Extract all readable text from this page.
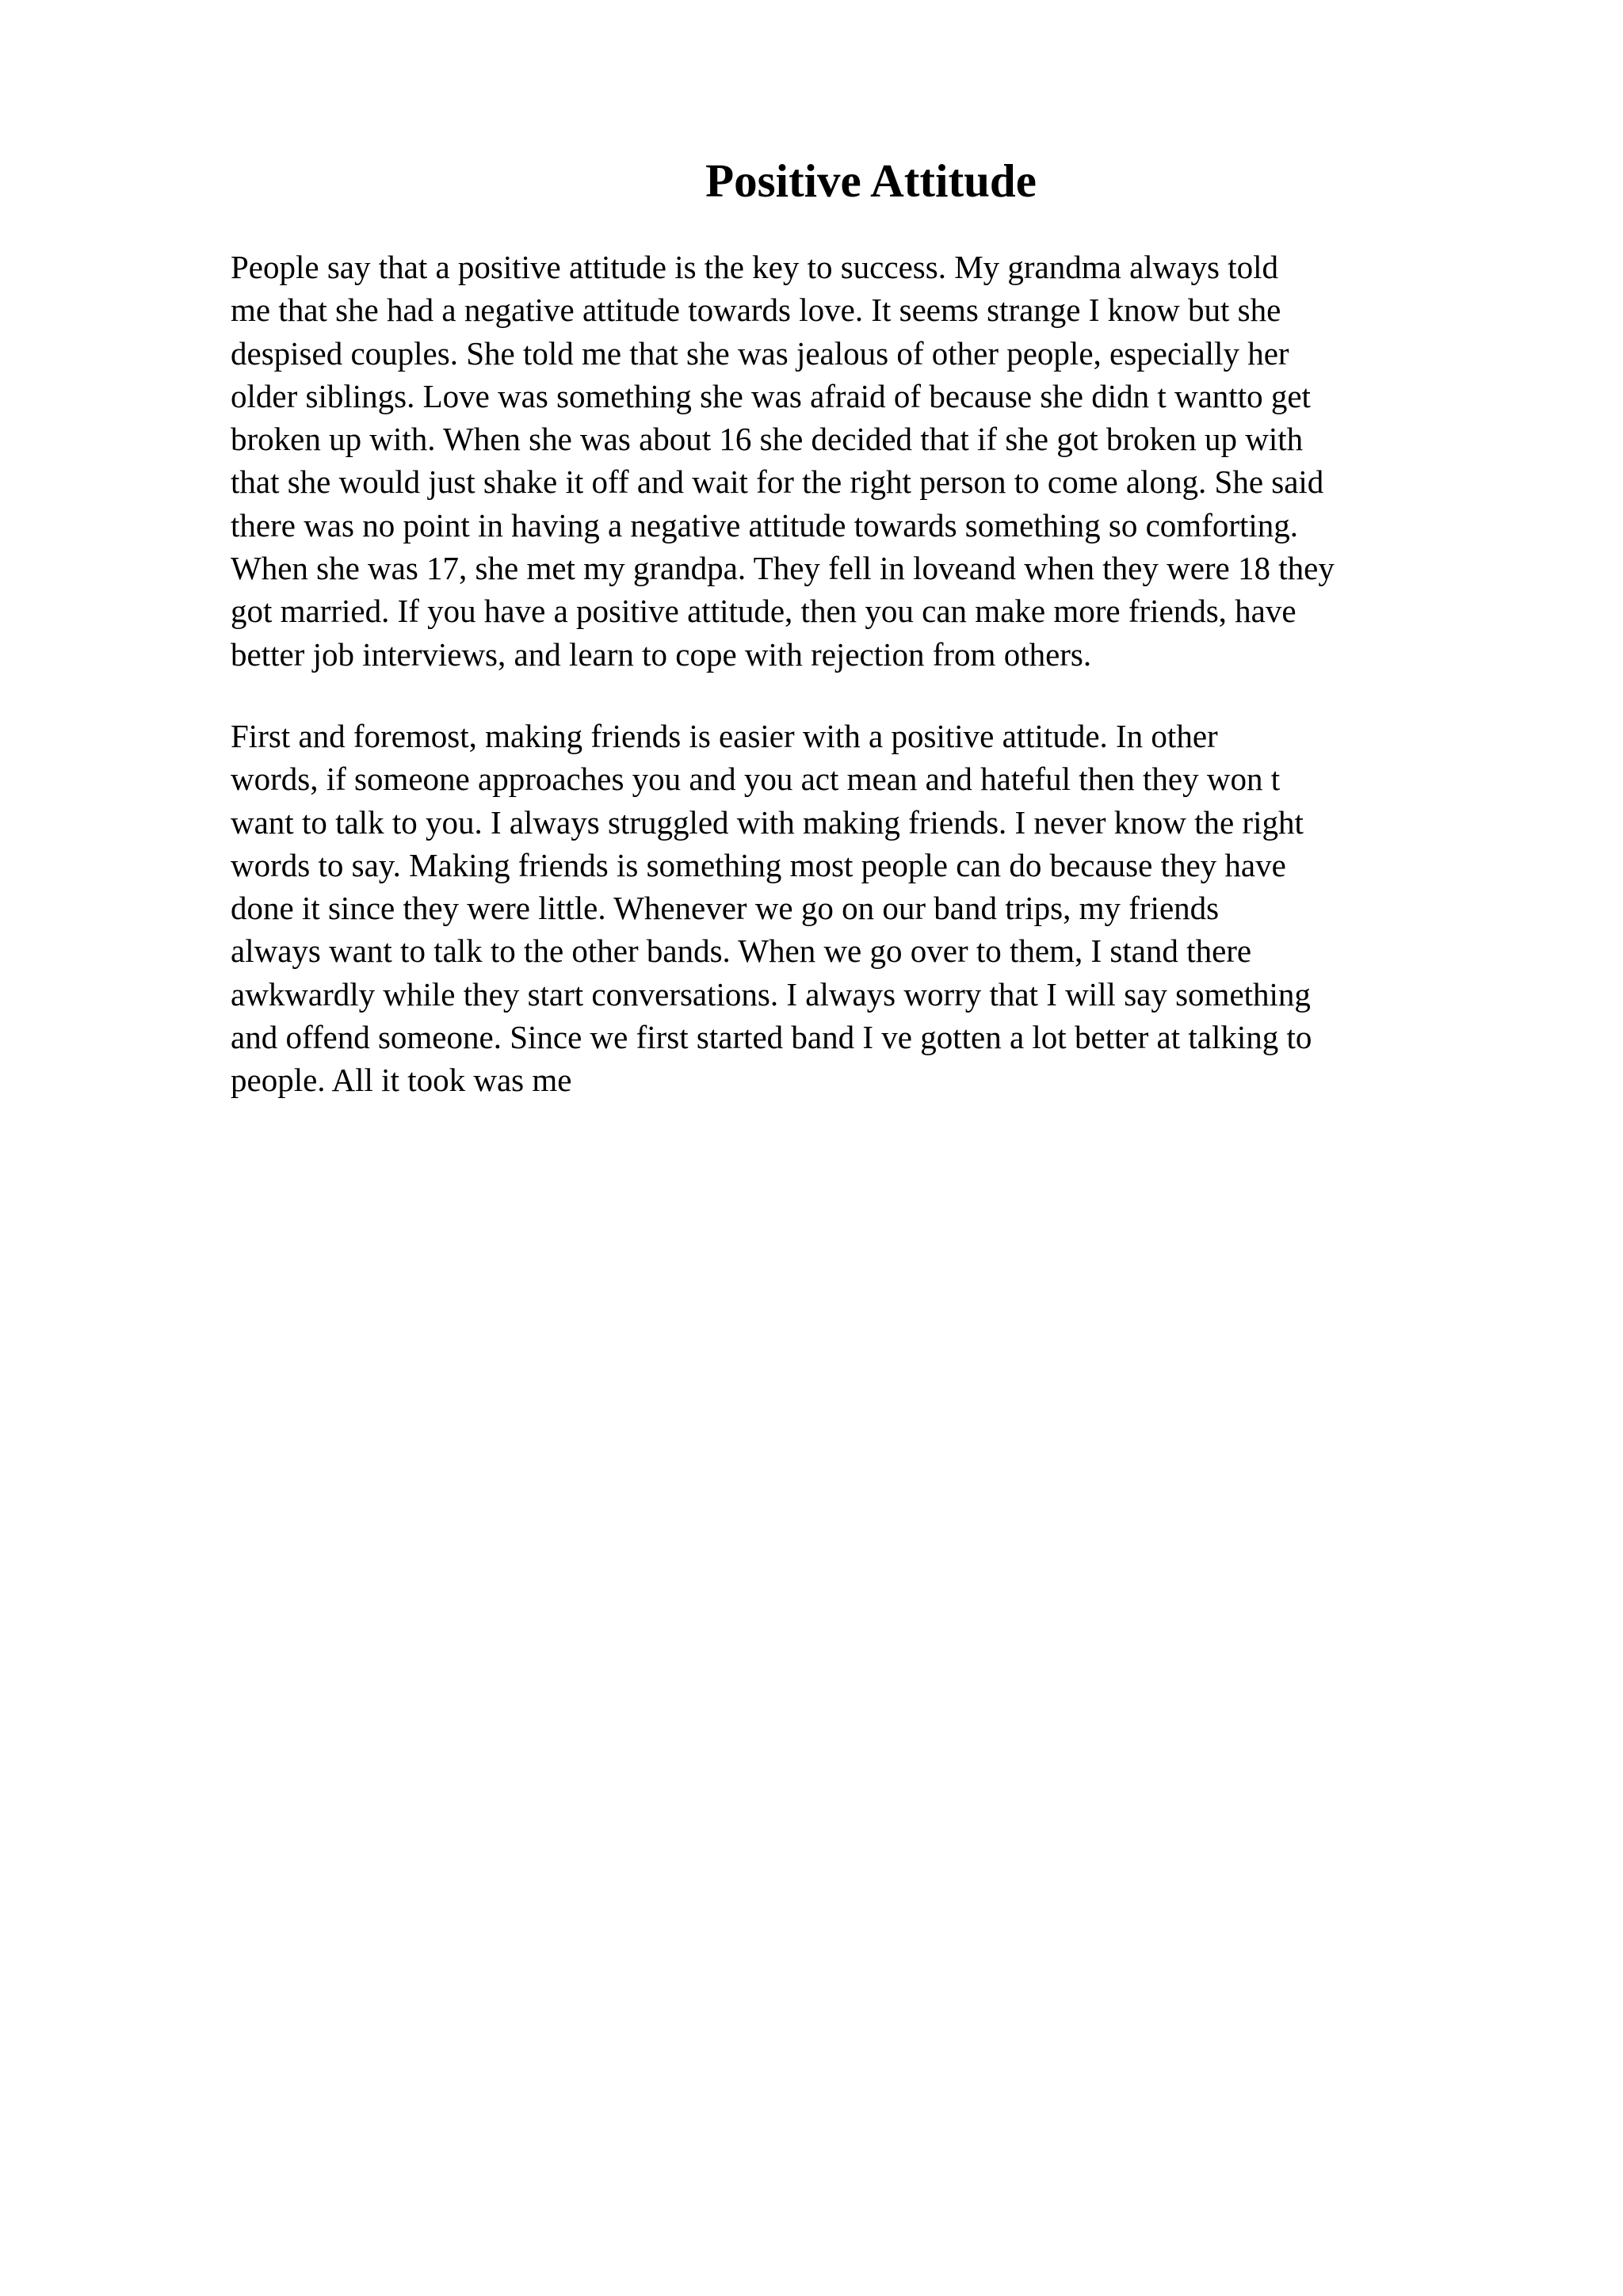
Positive Attitude
People say that a positive attitude is the key to success. My grandma always told
me that she had a negative attitude towards love. It seems strange I know but she
despised couples. She told me that she was jealous of other people, especially her
older siblings. Love was something she was afraid of because she didn t wantto get
broken up with. When she was about 16 she decided that if she got broken up with
that she would just shake it off and wait for the right person to come along. She said
there was no point in having a negative attitude towards something so comforting.
When she was 17, she met my grandpa. They fell in loveand when they were 18 they
got married. If you have a positive attitude, then you can make more friends, have
better job interviews, and learn to cope with rejection from others.
First and foremost, making friends is easier with a positive attitude. In other
words, if someone approaches you and you act mean and hateful then they won t
want to talk to you. I always struggled with making friends. I never know the right
words to say. Making friends is something most people can do because they have
done it since they were little. Whenever we go on our band trips, my friends
always want to talk to the other bands. When we go over to them, I stand there
awkwardly while they start conversations. I always worry that I will say something
and offend someone. Since we first started band I ve gotten a lot better at talking to
people. All it took was me
